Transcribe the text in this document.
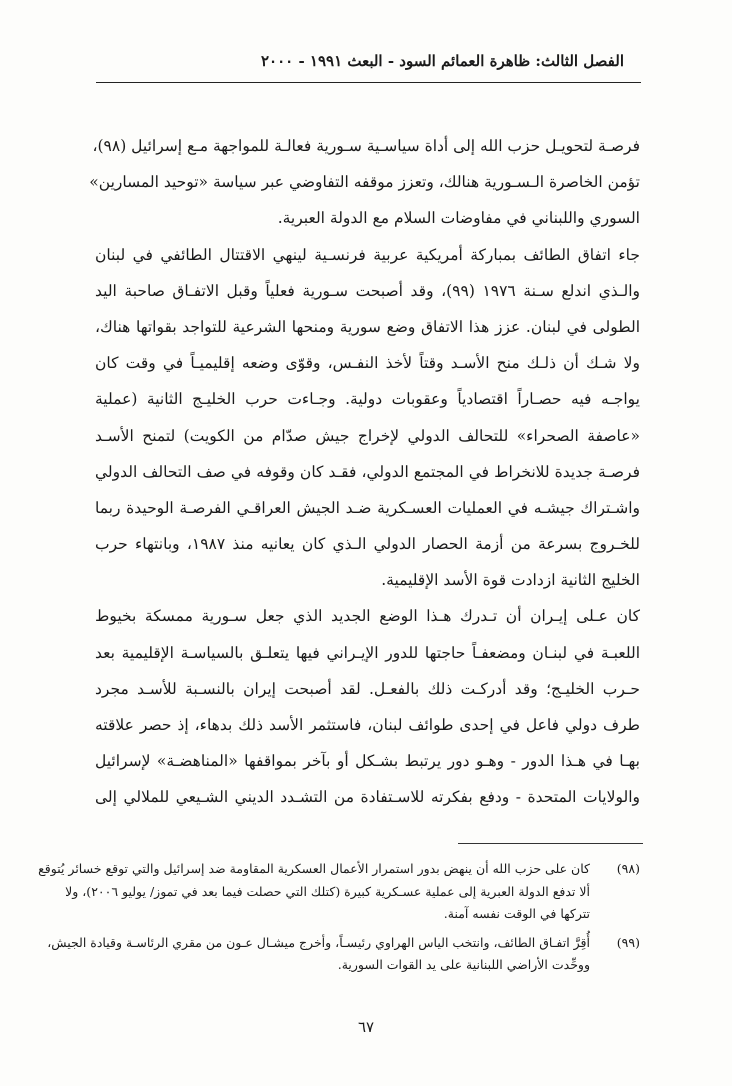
الفصل الثالث: ظاهرة العمائم السود - البعث ١٩٩١ - ٢٠٠٠
فرصـة لتحويـل حزب الله إلى أداة سياسـية سـورية فعالـة للمواجهة مـع إسرائيل (٩٨)،
تؤمن الخاصرة الـسـورية هنالك، وتعزز موقفه التفاوضي عبر سياسة «توحيد المسارين»
السوري واللبناني في مفاوضات السلام مع الدولة العبرية.
جاء اتفاق الطائف بمباركة أمريكية عربية فرنسـية لينهي الاقتتال الطائفي في لبنان
والـذي اندلع سـنة ١٩٧٦ (٩٩)، وقد أصبحت سـورية فعلياً وقبل الاتفـاق صاحبة اليد
الطولى في لبنان. عزز هذا الاتفاق وضع سورية ومنحها الشرعية للتواجد بقواتها هناك،
ولا شـك أن ذلـك منح الأسـد وقتاً لأخذ النفـس، وقوّى وضعه إقليميـاً في وقت كان
يواجـه فيه حصـاراً اقتصادياً وعقوبات دولية. وجـاءت حرب الخليـج الثانية (عملية
«عاصفة الصحراء» للتحالف الدولي لإخراج جيش صدّام من الكويت) لتمنح الأسـد
فرصـة جديدة للانخراط في المجتمع الدولي، فقـد كان وقوفه في صف التحالف الدولي
واشـتراك جيشـه في العمليات العسـكرية ضـد الجيش العراقـي الفرصـة الوحيدة ربما
للخـروج بسرعة من أزمة الحصار الدولي الـذي كان يعانيه منذ ١٩٨٧، وبانتهاء حرب
الخليج الثانية ازدادت قوة الأسد الإقليمية.
كان عـلى إيـران أن تـدرك هـذا الوضع الجديد الذي جعل سـورية ممسكة بخيوط
اللعبـة في لبنـان ومضعفـاً حاجتها للدور الإيـراني فيها يتعلـق بالسياسـة الإقليمية بعد
حـرب الخليـج؛ وقد أدركـت ذلك بالفعـل. لقد أصبحت إيران بالنسـبة للأسـد مجرد
طرف دولي فاعل في إحدى طوائف لبنان، فاستثمر الأسد ذلك بدهاء، إذ حصر علاقته
بهـا في هـذا الدور - وهـو دور يرتبط بشـكل أو بآخر بمواقفها «المناهضـة» لإسرائيل
والولايات المتحدة - ودفع بفكرته للاسـتفادة من التشـدد الديني الشـيعي للملالي إلى
(٩٨)
كان على حزب الله أن ينهض بدور استمرار الأعمال العسكرية المقاومة ضد إسرائيل والتي توقع خسائر يُتوقع
ألا تدفع الدولة العبرية إلى عملية عسـكرية كبيرة (كتلك التي حصلت فيما بعد في تموز/ يوليو ٢٠٠٦)، ولا
تتركها في الوقت نفسه آمنة.
(٩٩)
أُقِرَّ اتفـاق الطائف، وانتخب الياس الهراوي رئيسـاً، وأخرج ميشـال عـون من مقري الرئاسـة وقيادة الجيش،
ووحِّدت الأراضي اللبنانية على يد القوات السورية.
٦٧
